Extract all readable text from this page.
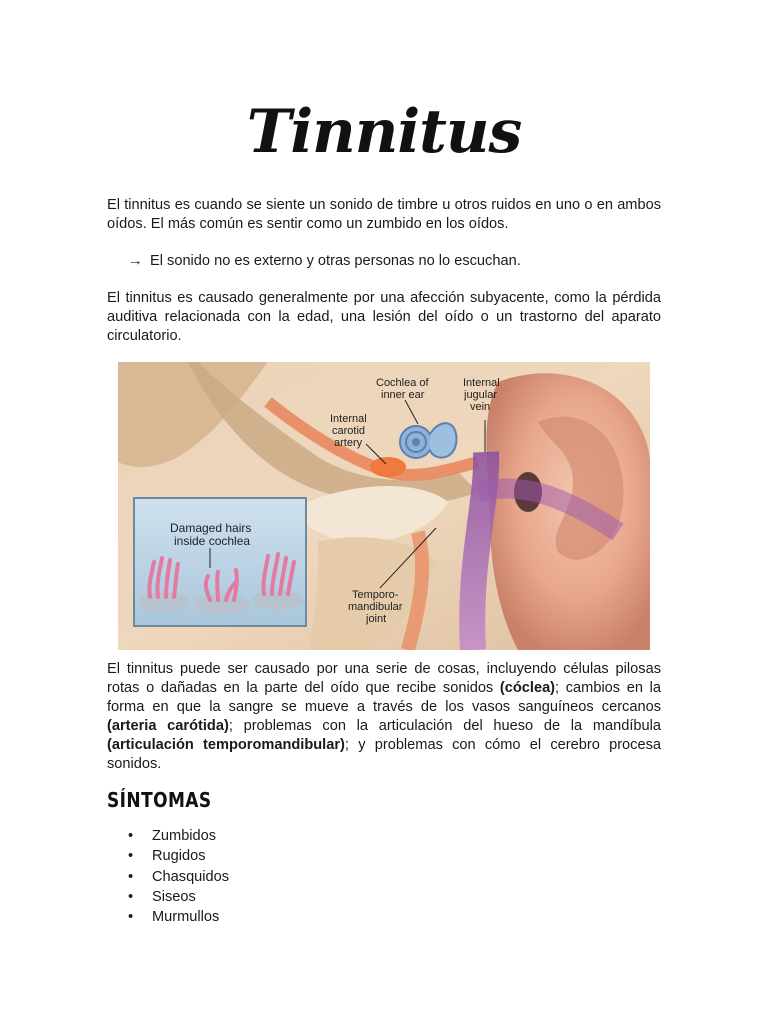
Tinnitus

El tinnitus es cuando se siente un sonido de timbre u otros ruidos en uno o en ambos oídos. El más común es sentir como un zumbido en los oídos.

→ El sonido no es externo y otras personas no lo escuchan.

El tinnitus es causado generalmente por una afección subyacente, como la pérdida auditiva relacionada con la edad, una lesión del oído o un trastorno del aparato circulatorio.

Cochlea of
inner ear
Internal
jugular
vein
Internal
carotid
artery
Temporo-
mandibular
joint
Damaged hairs
inside cochlea

El tinnitus puede ser causado por una serie de cosas, incluyendo células pilosas rotas o dañadas en la parte del oído que recibe sonidos (cóclea); cambios en la forma en que la sangre se mueve a través de los vasos sanguíneos cercanos (arteria carótida); problemas con la articulación del hueso de la mandíbula (articulación temporomandibular); y problemas con cómo el cerebro procesa sonidos.

SÍNTOMAS
• Zumbidos
• Rugidos
• Chasquidos
• Siseos
• Murmullos
